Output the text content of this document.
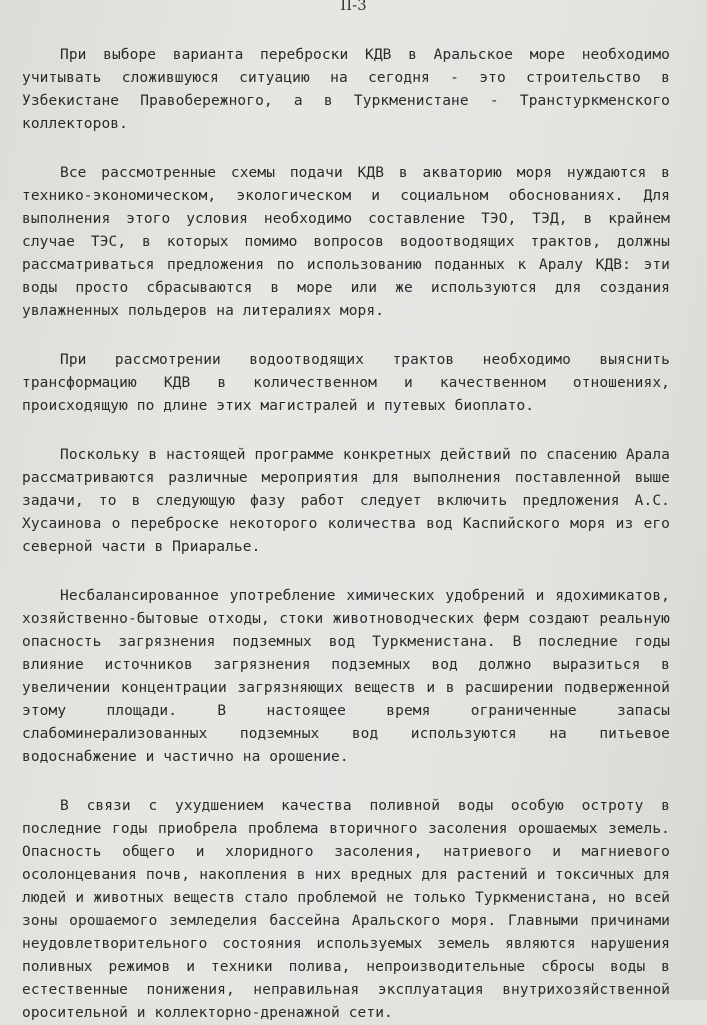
II-3

При выборе варианта переброски КДВ в Аральское море необходимо учитывать сложившуюся ситуацию на сегодня - это строительство в Узбекистане Правобережного, а в Туркменистане - Транстуркменского коллекторов.

Все рассмотренные схемы подачи КДВ в акваторию моря нуждаются в технико-экономическом, экологическом и социальном обоснованиях. Для выполнения этого условия необходимо составление ТЭО, ТЭД, в крайнем случае ТЭС, в которых помимо вопросов водоотводящих трактов, должны рассматриваться предложения по использованию поданных к Аралу КДВ: эти воды просто сбрасываются в море или же используются для создания увлажненных польдеров на литералиях моря.

При рассмотрении водоотводящих трактов необходимо выяснить трансформацию КДВ в количественном и качественном отношениях, происходящую по длине этих магистралей и путевых биоплато.

Поскольку в настоящей программе конкретных действий по спасению Арала рассматриваются различные мероприятия для выполнения поставленной выше задачи, то в следующую фазу работ следует включить предложения А.С. Хусаинова о переброске некоторого количества вод Каспийского моря из его северной части в Приаралье.

Несбалансированное употребление химических удобрений и ядохимикатов, хозяйственно-бытовые отходы, стоки животноводческих ферм создают реальную опасность загрязнения подземных вод Туркменистана. В последние годы влияние источников загрязнения подземных вод должно выразиться в увеличении концентрации загрязняющих веществ и в расширении подверженной этому площади. В настоящее время ограниченные запасы слабоминерализованных подземных вод используются на питьевое водоснабжение и частично на орошение.

В связи с ухудшением качества поливной воды особую остроту в последние годы приобрела проблема вторичного засоления орошаемых земель. Опасность общего и хлоридного засоления, натриевого и магниевого осолонцевания почв, накопления в них вредных для растений и токсичных для людей и животных веществ стало проблемой не только Туркменистана, но всей зоны орошаемого земледелия бассейна Аральского моря. Главными причинами неудовлетворительного состояния используемых земель являются нарушения поливных режимов и техники полива, непроизводительные сбросы воды в естественные понижения, неправильная эксплуатация внутрихозяйственной оросительной и коллекторно-дренажной сети.
